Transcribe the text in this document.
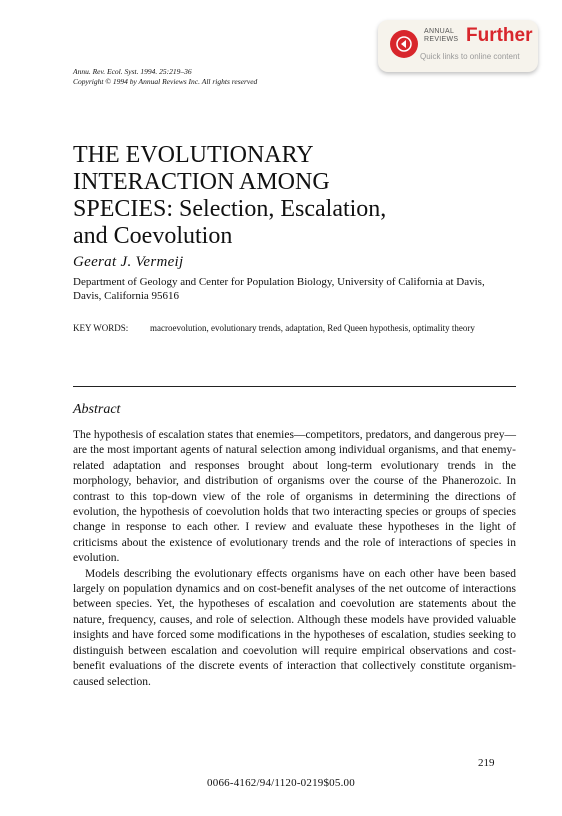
ANNUAL
REVIEWS Further
Quick links to online content
Annu. Rev. Ecol. Syst. 1994. 25:219–36
Copyright © 1994 by Annual Reviews Inc. All rights reserved
THE EVOLUTIONARY
INTERACTION AMONG
SPECIES: Selection, Escalation,
and Coevolution
Geerat J. Vermeij
Department of Geology and Center for Population Biology, University of California at Davis, Davis, California 95616
KEY WORDS: macroevolution, evolutionary trends, adaptation, Red Queen hypothesis, optimality theory
Abstract

The hypothesis of escalation states that enemies—competitors, predators, and dangerous prey—are the most important agents of natural selection among individual organisms, and that enemy-related adaptation and responses brought about long-term evolutionary trends in the morphology, behavior, and distribution of organisms over the course of the Phanerozoic. In contrast to this top-down view of the role of organisms in determining the directions of evolution, the hypothesis of coevolution holds that two interacting species or groups of species change in response to each other. I review and evaluate these hypotheses in the light of criticisms about the existence of evolutionary trends and the role of interactions of species in evolution.

Models describing the evolutionary effects organisms have on each other have been based largely on population dynamics and on cost-benefit analyses of the net outcome of interactions between species. Yet, the hypotheses of escalation and coevolution are statements about the nature, frequency, causes, and role of selection. Although these models have provided valuable insights and have forced some modifications in the hypotheses of escalation, studies seeking to distinguish between escalation and coevolution will require empirical observations and cost-benefit evaluations of the discrete events of interaction that collectively constitute organism-caused selection.

219
0066-4162/94/1120-0219$05.00
